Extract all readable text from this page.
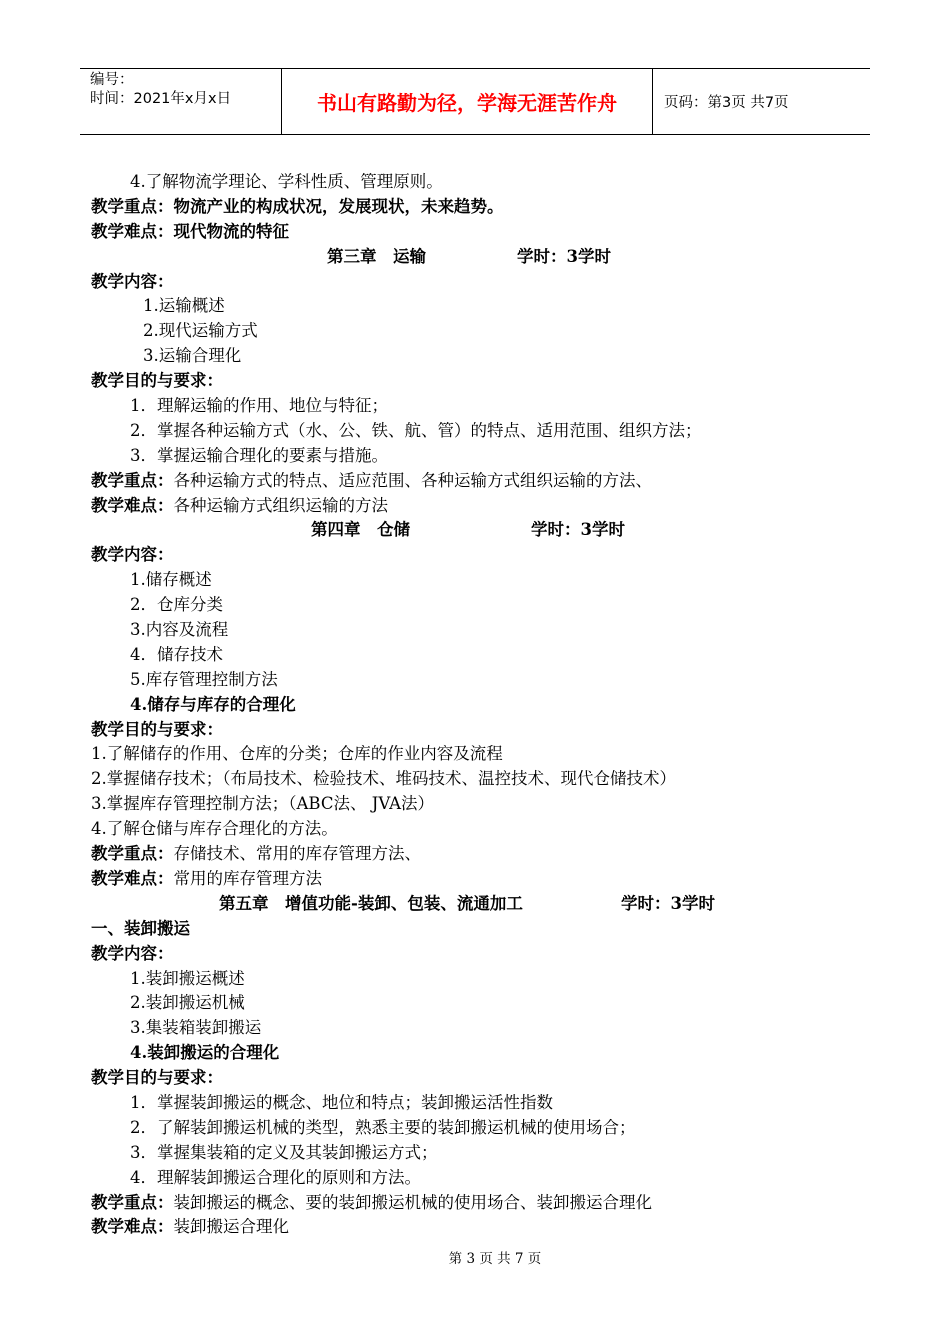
编号：
时间：2021年x月x日	书山有路勤为径，学海无涯苦作舟	页码：第3页 共7页
4.了解物流学理论、学科性质、管理原则。
教学重点：物流产业的构成状况，发展现状，未来趋势。
教学难点：现代物流的特征
第三章　运输	学时：3学时
教学内容：
1.运输概述
2.现代运输方式
3.运输合理化
教学目的与要求：
1．理解运输的作用、地位与特征；
2．掌握各种运输方式（水、公、铁、航、管）的特点、适用范围、组织方法；
3．掌握运输合理化的要素与措施。
教学重点：各种运输方式的特点、适应范围、各种运输方式组织运输的方法、
教学难点：各种运输方式组织运输的方法
第四章　仓储	学时：3学时
教学内容：
1.储存概述
2．仓库分类
3.内容及流程
4．储存技术
5.库存管理控制方法
4.储存与库存的合理化
教学目的与要求：
1.了解储存的作用、仓库的分类；仓库的作业内容及流程
2.掌握储存技术；（布局技术、检验技术、堆码技术、温控技术、现代仓储技术）
3.掌握库存管理控制方法；（ABC法、 JVA法）
4.了解仓储与库存合理化的方法。
教学重点：存储技术、常用的库存管理方法、
教学难点：常用的库存管理方法
第五章　增值功能-装卸、包装、流通加工	学时：3学时
一、装卸搬运
教学内容：
1.装卸搬运概述
2.装卸搬运机械
3.集装箱装卸搬运
4.装卸搬运的合理化
教学目的与要求：
1．掌握装卸搬运的概念、地位和特点；装卸搬运活性指数
2．了解装卸搬运机械的类型，熟悉主要的装卸搬运机械的使用场合；
3．掌握集装箱的定义及其装卸搬运方式；
4．理解装卸搬运合理化的原则和方法。
教学重点：装卸搬运的概念、要的装卸搬运机械的使用场合、装卸搬运合理化
教学难点：装卸搬运合理化
第 3 页 共 7 页
